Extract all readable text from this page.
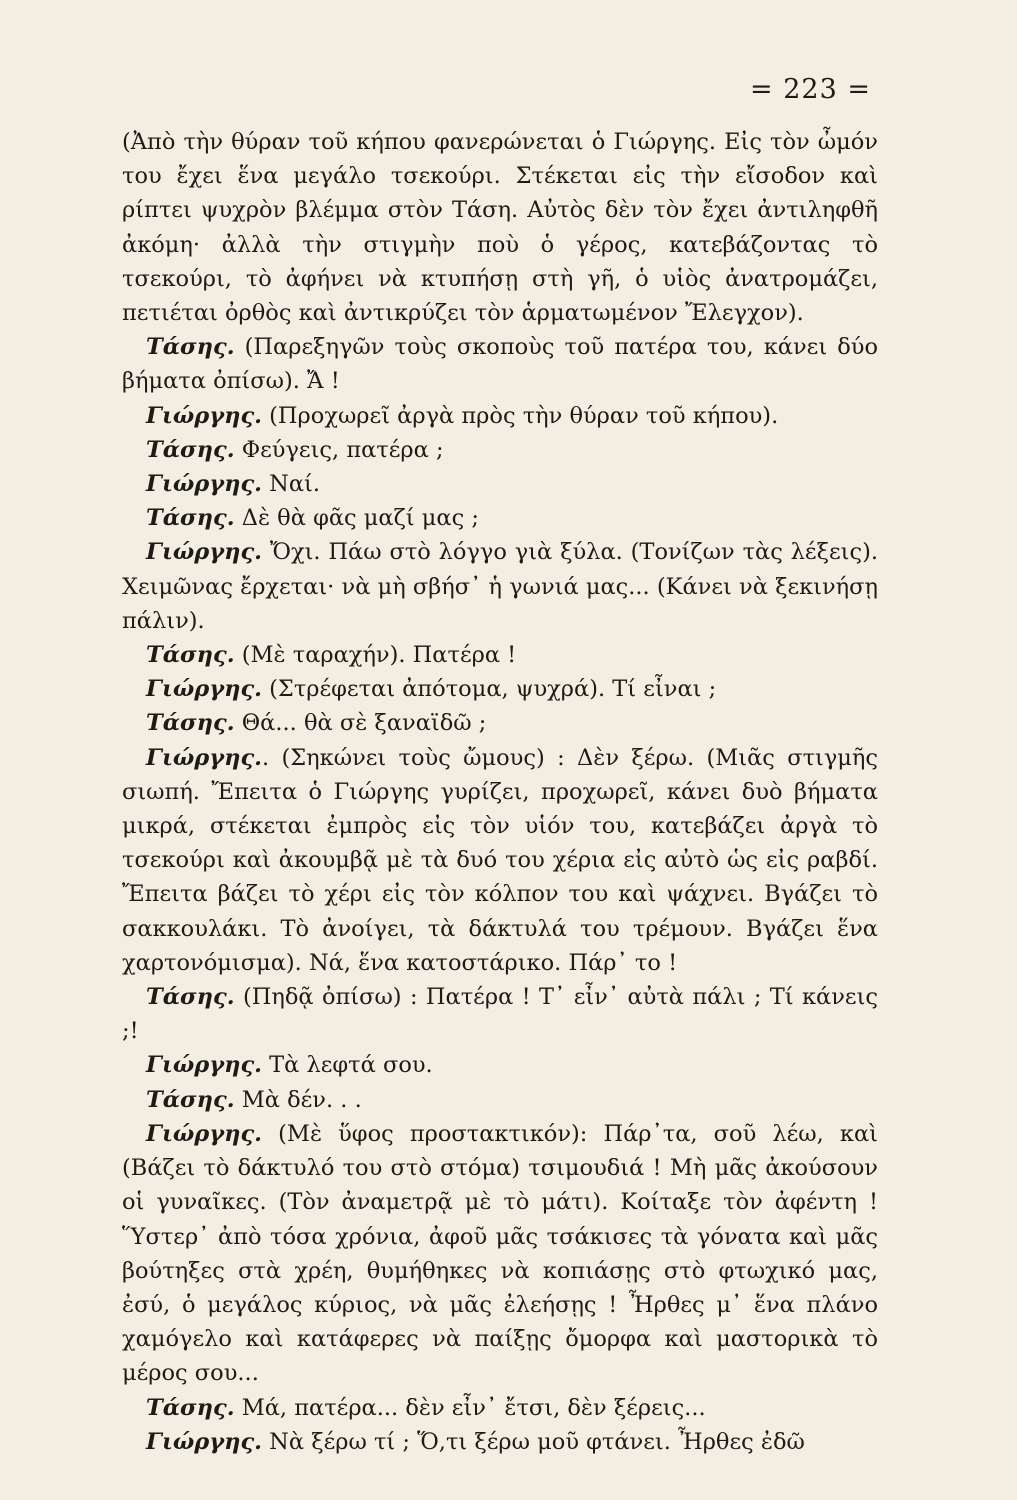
= 223 =

(Ἀπὸ τὴν θύραν τοῦ κήπου φανερώνεται ὁ Γιώργης. Εἰς τὸν ὦμόν του ἔχει ἕνα μεγάλο τσεκούρι. Στέκεται εἰς τὴν εἴσοδον καὶ ρίπτει ψυχρὸν βλέμμα στὸν Τάση. Αὐτὸς δὲν τὸν ἔχει ἀντιληφθῆ ἀκόμη· ἀλλὰ τὴν στιγμὴν ποὺ ὁ γέρος, κατεβάζοντας τὸ τσεκούρι, τὸ ἀφήνει νὰ κτυπήσῃ στὴ γῆ, ὁ υἱὸς ἀνατρομάζει, πετιέται ὀρθὸς καὶ ἀντικρύζει τὸν ἁρματωμένον Ἔλεγχον).

Τάσης. (Παρεξηγῶν τοὺς σκοποὺς τοῦ πατέρα του, κάνει δύο βήματα ὀπίσω). Ἄ !

Γιώργης. (Προχωρεῖ ἀργὰ πρὸς τὴν θύραν τοῦ κήπου).

Τάσης. Φεύγεις, πατέρα ;

Γιώργης. Ναί.

Τάσης. Δὲ θὰ φᾶς μαζί μας ;

Γιώργης. Ὄχι. Πάω στὸ λόγγο γιὰ ξύλα. (Τονίζων τὰς λέξεις). Χειμῶνας ἔρχεται· νὰ μὴ σβήσ᾽ ἡ γωνιά μας... (Κάνει νὰ ξεκινήσῃ πάλιν).

Τάσης. (Μὲ ταραχήν). Πατέρα !

Γιώργης. (Στρέφεται ἀπότομα, ψυχρά). Τί εἶναι ;

Τάσης. Θά... θὰ σὲ ξαναϊδῶ ;

Γιώργης.. (Σηκώνει τοὺς ὤμους) : Δὲν ξέρω. (Μιᾶς στιγμῆς σιωπή. Ἔπειτα ὁ Γιώργης γυρίζει, προχωρεῖ, κάνει δυὸ βήματα μικρά, στέκεται ἐμπρὸς εἰς τὸν υἱόν του, κατεβάζει ἀργὰ τὸ τσεκούρι καὶ ἀκουμβᾷ μὲ τὰ δυό του χέρια εἰς αὐτὸ ὡς εἰς ραβδί. Ἔπειτα βάζει τὸ χέρι εἰς τὸν κόλπον του καὶ ψάχνει. Βγάζει τὸ σακκουλάκι. Τὸ ἀνοίγει, τὰ δάκτυλά του τρέμουν. Βγάζει ἕνα χαρτονόμισμα). Νά, ἕνα κατοστάρικο. Πάρ᾽ το !

Τάσης. (Πηδᾷ ὀπίσω) : Πατέρα ! Τ᾽ εἶν᾽ αὐτὰ πάλι ; Τί κάνεις ;!

Γιώργης. Τὰ λεφτά σου.

Τάσης. Μὰ δέν. . .

Γιώργης. (Μὲ ὕφος προστακτικόν): Πάρ᾽τα, σοῦ λέω, καὶ (Βάζει τὸ δάκτυλό του στὸ στόμα) τσιμουδιά ! Μὴ μᾶς ἀκούσουν οἱ γυναῖκες. (Τὸν ἀναμετρᾷ μὲ τὸ μάτι). Κοίταξε τὸν ἀφέντη ! Ὕστερ᾽ ἀπὸ τόσα χρόνια, ἀφοῦ μᾶς τσάκισες τὰ γόνατα καὶ μᾶς βούτηξες στὰ χρέη, θυμήθηκες νὰ κοπιάσῃς στὸ φτωχικό μας, ἐσύ, ὁ μεγάλος κύριος, νὰ μᾶς ἐλεήσῃς ! Ἦρθες μ᾽ ἕνα πλάνο χαμόγελο καὶ κατάφερες νὰ παίξῃς ὄμορφα καὶ μαστορικὰ τὸ μέρος σου...

Τάσης. Μά, πατέρα... δὲν εἶν᾽ ἔτσι, δὲν ξέρεις...

Γιώργης. Νὰ ξέρω τί ; Ὅ,τι ξέρω μοῦ φτάνει. Ἦρθες ἐδῶ
